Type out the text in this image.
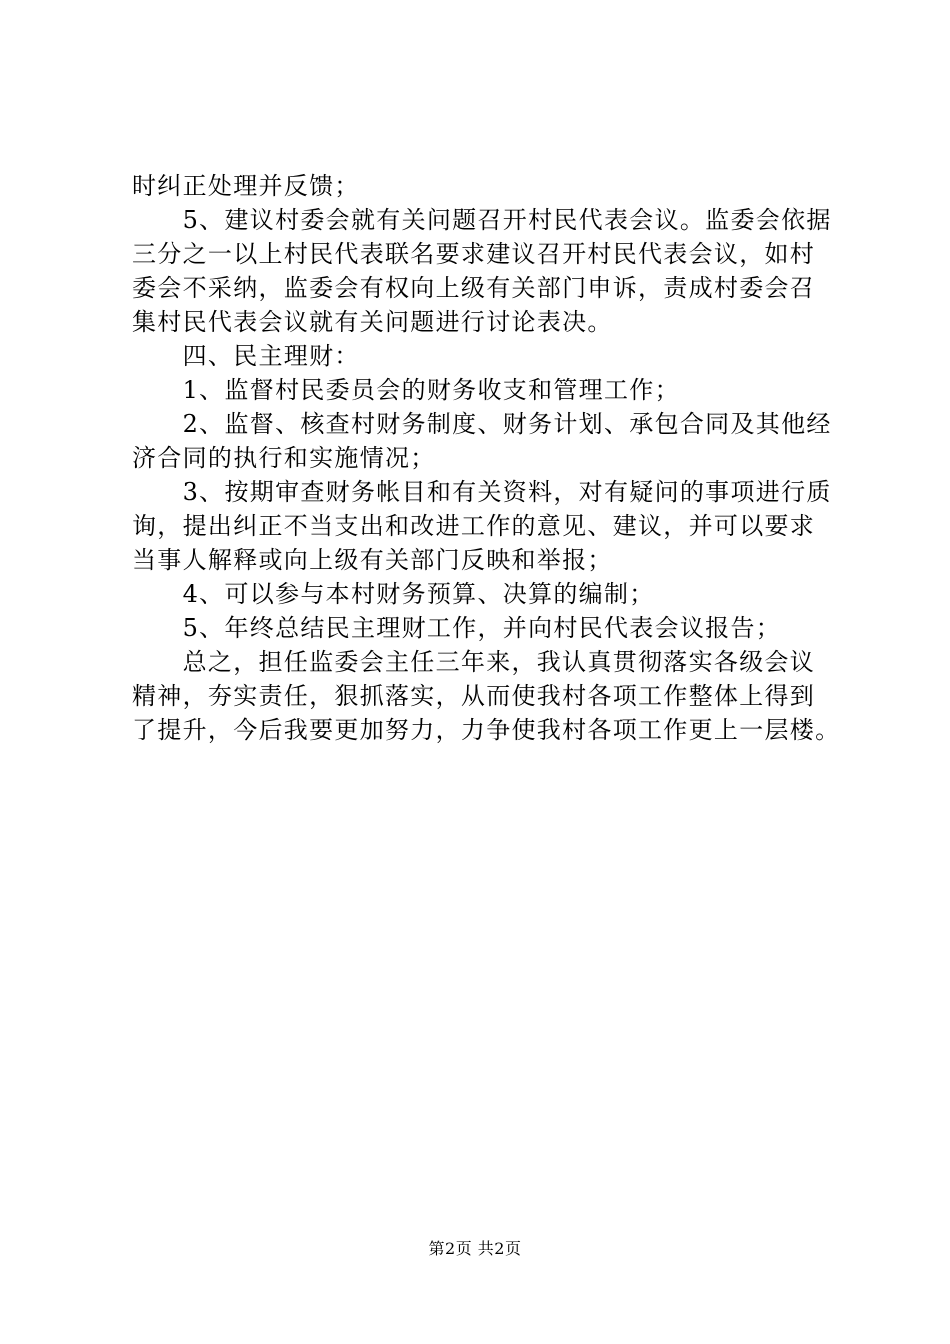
时纠正处理并反馈；
　　5、建议村委会就有关问题召开村民代表会议。监委会依据
三分之一以上村民代表联名要求建议召开村民代表会议，如村
委会不采纳，监委会有权向上级有关部门申诉，责成村委会召
集村民代表会议就有关问题进行讨论表决。
　　四、民主理财：
　　1、监督村民委员会的财务收支和管理工作；
　　2、监督、核查村财务制度、财务计划、承包合同及其他经
济合同的执行和实施情况；
　　3、按期审查财务帐目和有关资料，对有疑问的事项进行质
询，提出纠正不当支出和改进工作的意见、建议，并可以要求
当事人解释或向上级有关部门反映和举报；
　　4、可以参与本村财务预算、决算的编制；
　　5、年终总结民主理财工作，并向村民代表会议报告；
　　总之，担任监委会主任三年来，我认真贯彻落实各级会议
精神，夯实责任，狠抓落实，从而使我村各项工作整体上得到
了提升，今后我要更加努力，力争使我村各项工作更上一层楼。
第2页 共2页
